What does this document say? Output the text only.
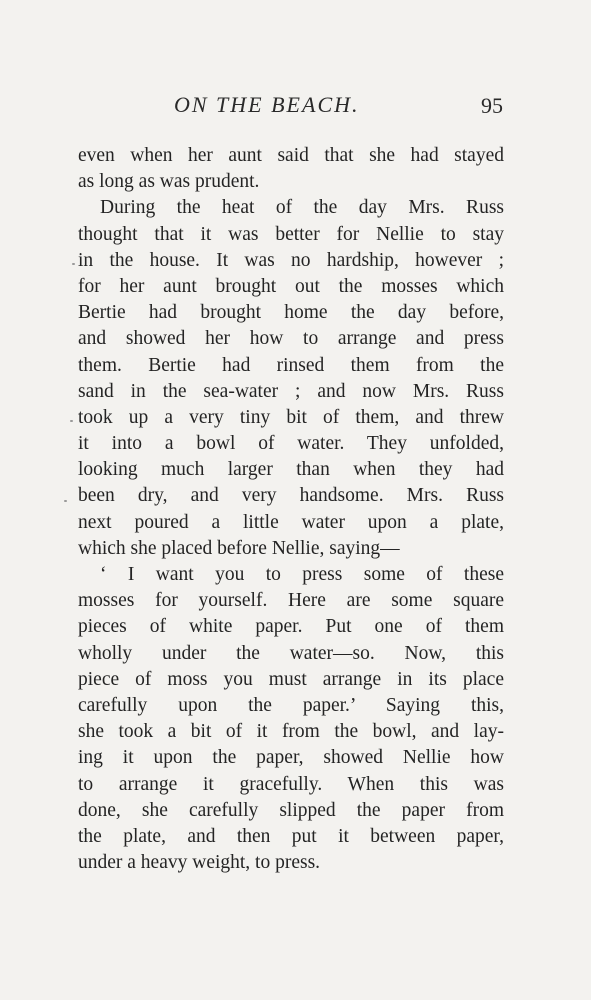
ON THE BEACH.	95
even when her aunt said that she had stayed
as long as was prudent.
During the heat of the day Mrs. Russ
thought that it was better for Nellie to stay
in the house. It was no hardship, however ;
for her aunt brought out the mosses which
Bertie had brought home the day before,
and showed her how to arrange and press
them. Bertie had rinsed them from the
sand in the sea-water ; and now Mrs. Russ
took up a very tiny bit of them, and threw
it into a bowl of water. They unfolded,
looking much larger than when they had
been dry, and very handsome. Mrs. Russ
next poured a little water upon a plate,
which she placed before Nellie, saying—
‘ I want you to press some of these
mosses for yourself. Here are some square
pieces of white paper. Put one of them
wholly under the water—so. Now, this
piece of moss you must arrange in its place
carefully upon the paper.’ Saying this,
she took a bit of it from the bowl, and lay-
ing it upon the paper, showed Nellie how
to arrange it gracefully. When this was
done, she carefully slipped the paper from
the plate, and then put it between paper,
under a heavy weight, to press.
